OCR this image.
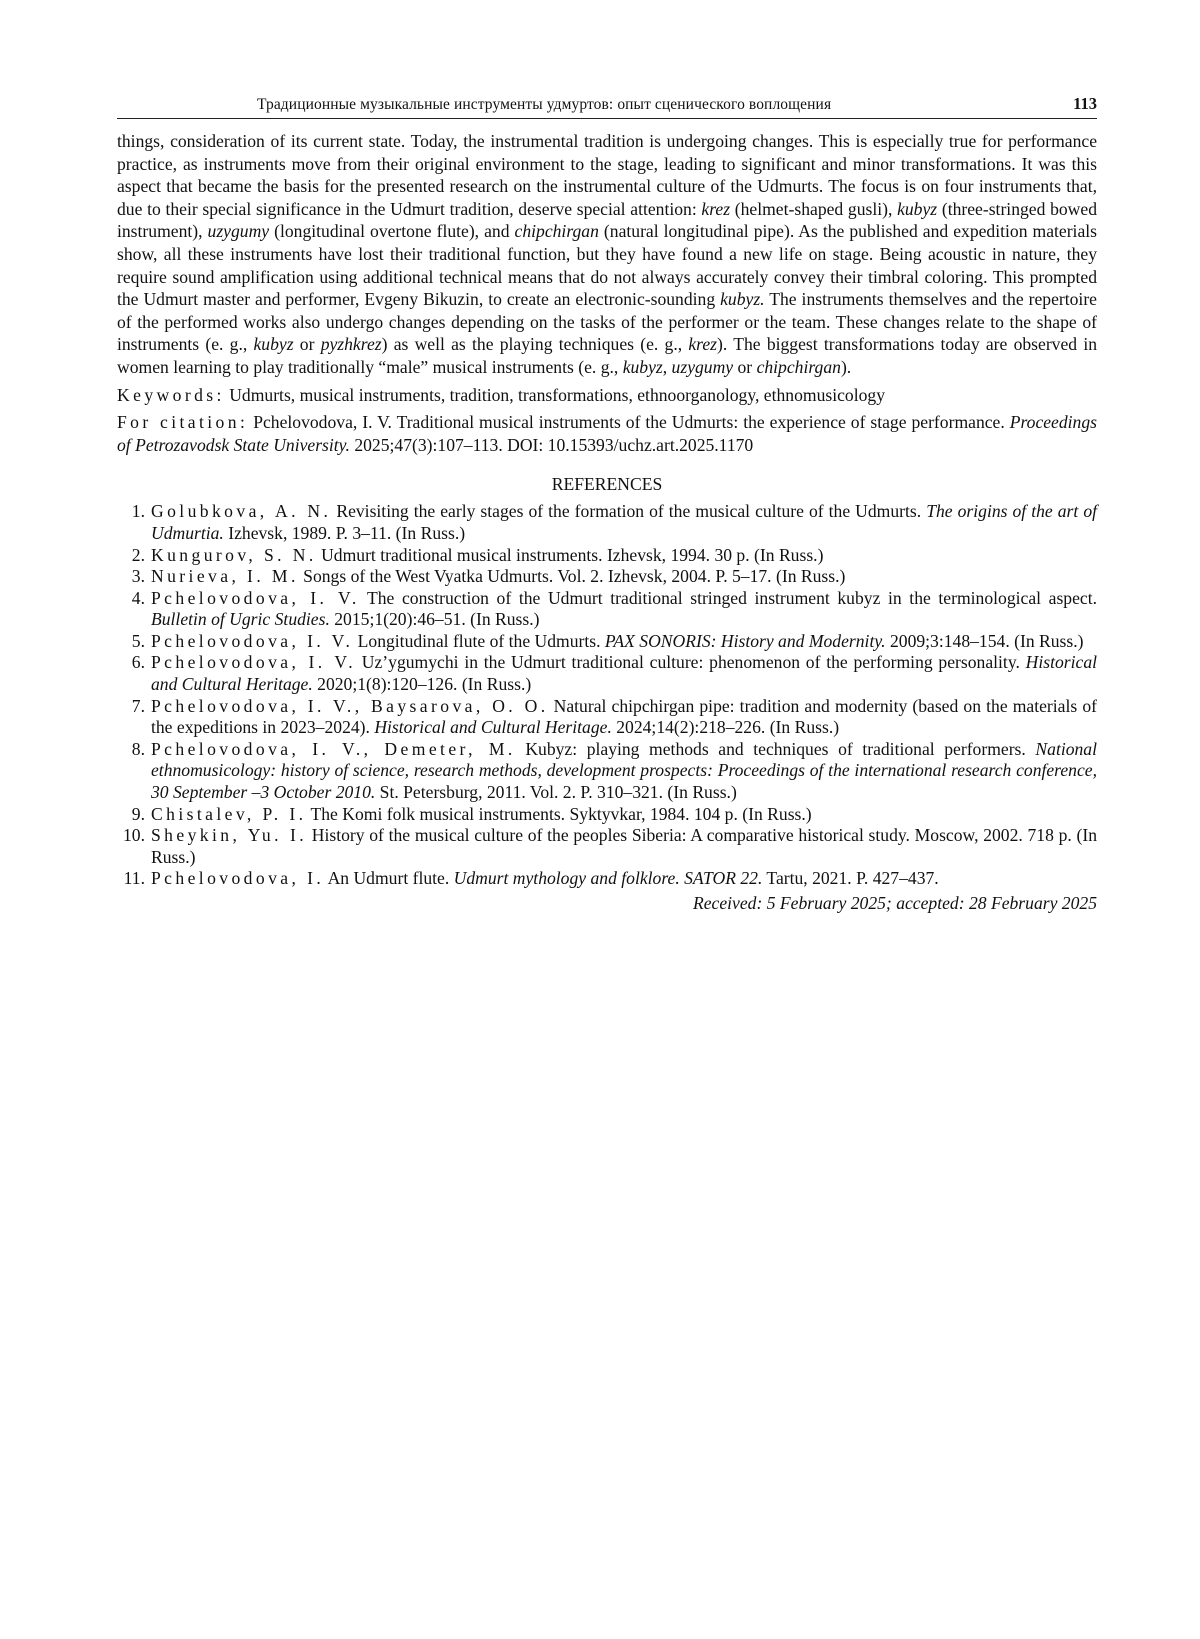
Традиционные музыкальные инструменты удмуртов: опыт сценического воплощения	113

things, consideration of its current state. Today, the instrumental tradition is undergoing changes. This is especially true for performance practice, as instruments move from their original environment to the stage, leading to significant and minor transformations. It was this aspect that became the basis for the presented research on the instrumental culture of the Udmurts. The focus is on four instruments that, due to their special significance in the Udmurt tradition, deserve special attention: krez (helmet-shaped gusli), kubyz (three-stringed bowed instrument), uzygumy (longitudinal overtone flute), and chipchirgan (natural longitudinal pipe). As the published and expedition materials show, all these instruments have lost their traditional function, but they have found a new life on stage. Being acoustic in nature, they require sound amplification using additional technical means that do not always accurately convey their timbral coloring. This prompted the Udmurt master and performer, Evgeny Bikuzin, to create an electronic-sounding kubyz. The instruments themselves and the repertoire of the performed works also undergo changes depending on the tasks of the performer or the team. These changes relate to the shape of instruments (e. g., kubyz or pyzhkrez) as well as the playing techniques (e. g., krez). The biggest transformations today are observed in women learning to play traditionally “male” musical instruments (e. g., kubyz, uzygumy or chipchirgan).

Keywords: Udmurts, musical instruments, tradition, transformations, ethnoorganology, ethnomusicology

For citation: Pchelovodova, I. V. Traditional musical instruments of the Udmurts: the experience of stage performance. Proceedings of Petrozavodsk State University. 2025;47(3):107–113. DOI: 10.15393/uchz.art.2025.1170

REFERENCES
1. Golubkova, A. N. Revisiting the early stages of the formation of the musical culture of the Udmurts. The origins of the art of Udmurtia. Izhevsk, 1989. P. 3–11. (In Russ.)
2. Kungurov, S. N. Udmurt traditional musical instruments. Izhevsk, 1994. 30 p. (In Russ.)
3. Nurieva, I. M. Songs of the West Vyatka Udmurts. Vol. 2. Izhevsk, 2004. P. 5–17. (In Russ.)
4. Pchelovodova, I. V. The construction of the Udmurt traditional stringed instrument kubyz in the terminological aspect. Bulletin of Ugric Studies. 2015;1(20):46–51. (In Russ.)
5. Pchelovodova, I. V. Longitudinal flute of the Udmurts. PAX SONORIS: History and Modernity. 2009;3:148–154. (In Russ.)
6. Pchelovodova, I. V. Uz’ygumychi in the Udmurt traditional culture: phenomenon of the performing personality. Historical and Cultural Heritage. 2020;1(8):120–126. (In Russ.)
7. Pchelovodova, I. V., Baysarova, O. O. Natural chipchirgan pipe: tradition and modernity (based on the materials of the expeditions in 2023–2024). Historical and Cultural Heritage. 2024;14(2):218–226. (In Russ.)
8. Pchelovodova, I. V., Demeter, M. Kubyz: playing methods and techniques of traditional performers. National ethnomusicology: history of science, research methods, development prospects: Proceedings of the international research conference, 30 September –3 October 2010. St. Petersburg, 2011. Vol. 2. P. 310–321. (In Russ.)
9. Chistalev, P. I. The Komi folk musical instruments. Syktyvkar, 1984. 104 p. (In Russ.)
10. Sheykin, Yu. I. History of the musical culture of the peoples Siberia: A comparative historical study. Moscow, 2002. 718 p. (In Russ.)
11. Pchelovodova, I. An Udmurt flute. Udmurt mythology and folklore. SATOR 22. Tartu, 2021. P. 427–437.
Received: 5 February 2025; accepted: 28 February 2025
